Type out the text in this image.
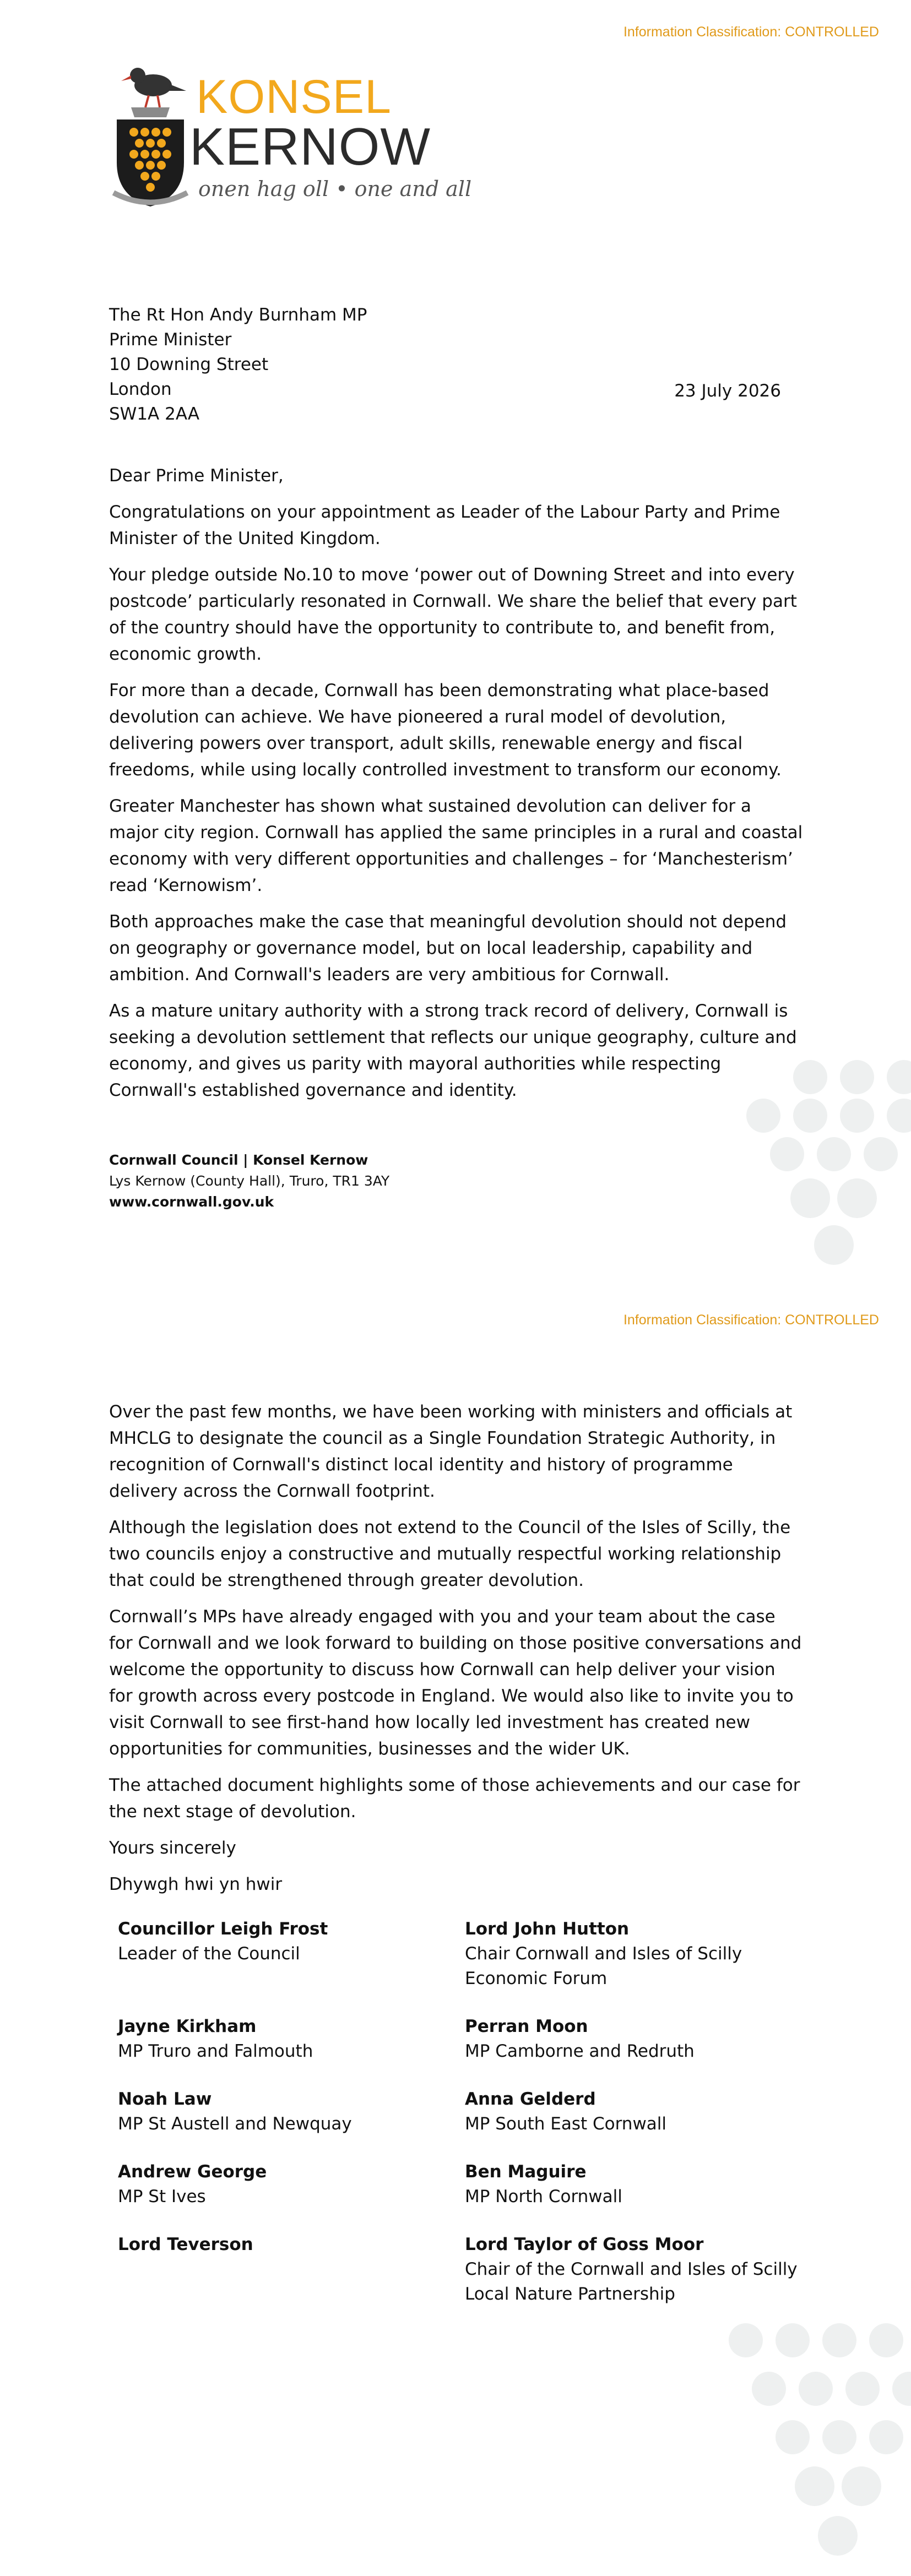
Information Classification: CONTROLLED
KONSEL
KERNOW
onen hag oll • one and all
The Rt Hon Andy Burnham MP
Prime Minister
10 Downing Street
London
SW1A 2AA
23 July 2026

Dear Prime Minister,

Congratulations on your appointment as Leader of the Labour Party and Prime Minister of the United Kingdom.

Your pledge outside No.10 to move ‘power out of Downing Street and into every postcode’ particularly resonated in Cornwall. We share the belief that every part of the country should have the opportunity to contribute to, and benefit from, economic growth.

For more than a decade, Cornwall has been demonstrating what place-based devolution can achieve. We have pioneered a rural model of devolution, delivering powers over transport, adult skills, renewable energy and fiscal freedoms, while using locally controlled investment to transform our economy.

Greater Manchester has shown what sustained devolution can deliver for a major city region. Cornwall has applied the same principles in a rural and coastal economy with very different opportunities and challenges – for ‘Manchesterism’ read ‘Kernowism’.

Both approaches make the case that meaningful devolution should not depend on geography or governance model, but on local leadership, capability and ambition. And Cornwall's leaders are very ambitious for Cornwall.

As a mature unitary authority with a strong track record of delivery, Cornwall is seeking a devolution settlement that reflects our unique geography, culture and economy, and gives us parity with mayoral authorities while respecting Cornwall's established governance and identity.

Cornwall Council | Konsel Kernow
Lys Kernow (County Hall), Truro, TR1 3AY
www.cornwall.gov.uk
Information Classification: CONTROLLED

Over the past few months, we have been working with ministers and officials at MHCLG to designate the council as a Single Foundation Strategic Authority, in recognition of Cornwall's distinct local identity and history of programme delivery across the Cornwall footprint.

Although the legislation does not extend to the Council of the Isles of Scilly, the two councils enjoy a constructive and mutually respectful working relationship that could be strengthened through greater devolution.

Cornwall’s MPs have already engaged with you and your team about the case for Cornwall and we look forward to building on those positive conversations and welcome the opportunity to discuss how Cornwall can help deliver your vision for growth across every postcode in England. We would also like to invite you to visit Cornwall to see first-hand how locally led investment has created new opportunities for communities, businesses and the wider UK.

The attached document highlights some of those achievements and our case for the next stage of devolution.

Yours sincerely

Dhywgh hwi yn hwir

Councillor Leigh Frost
Leader of the Council
Lord John Hutton
Chair Cornwall and Isles of Scilly Economic Forum
Jayne Kirkham
MP Truro and Falmouth
Perran Moon
MP Camborne and Redruth
Noah Law
MP St Austell and Newquay
Anna Gelderd
MP South East Cornwall
Andrew George
MP St Ives
Ben Maguire
MP North Cornwall
Lord Teverson	Lord Taylor of Goss Moor
Chair of the Cornwall and Isles of Scilly Local Nature Partnership
